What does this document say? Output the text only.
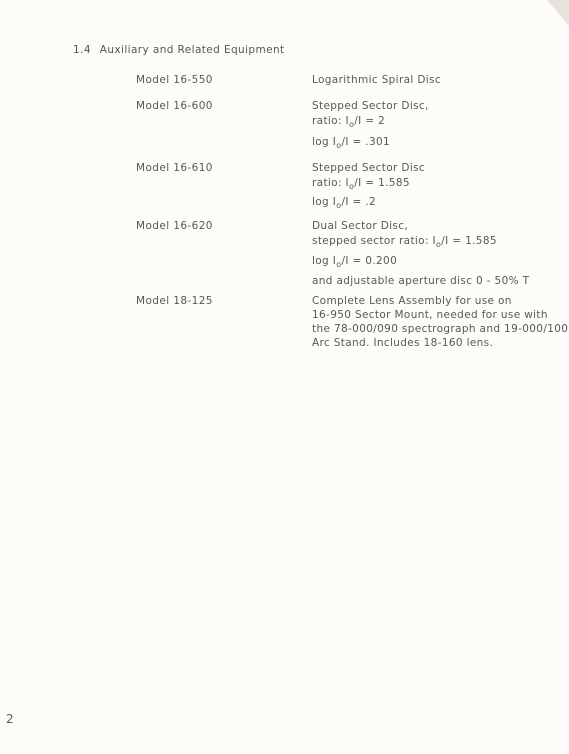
1.4 Auxiliary and Related Equipment
Model 16-550	Logarithmic Spiral Disc
Model 16-600	Stepped Sector Disc,
ratio: $I_o/I = 2$
$\log I_o/I = .301$
Model 16-610	Stepped Sector Disc
ratio: $I_o/I = 1.585$
$\log I_o/I = .2$
Model 16-620	Dual Sector Disc,
stepped sector ratio: $I_o/I = 1.585$
$\log I_o/I = 0.200$
and adjustable aperture disc 0 - 50% T
Model 18-125	Complete Lens Assembly for use on
16-950 Sector Mount, needed for use with
the 78-000/090 spectrograph and 19-000/100
Arc Stand. Includes 18-160 lens.
2
